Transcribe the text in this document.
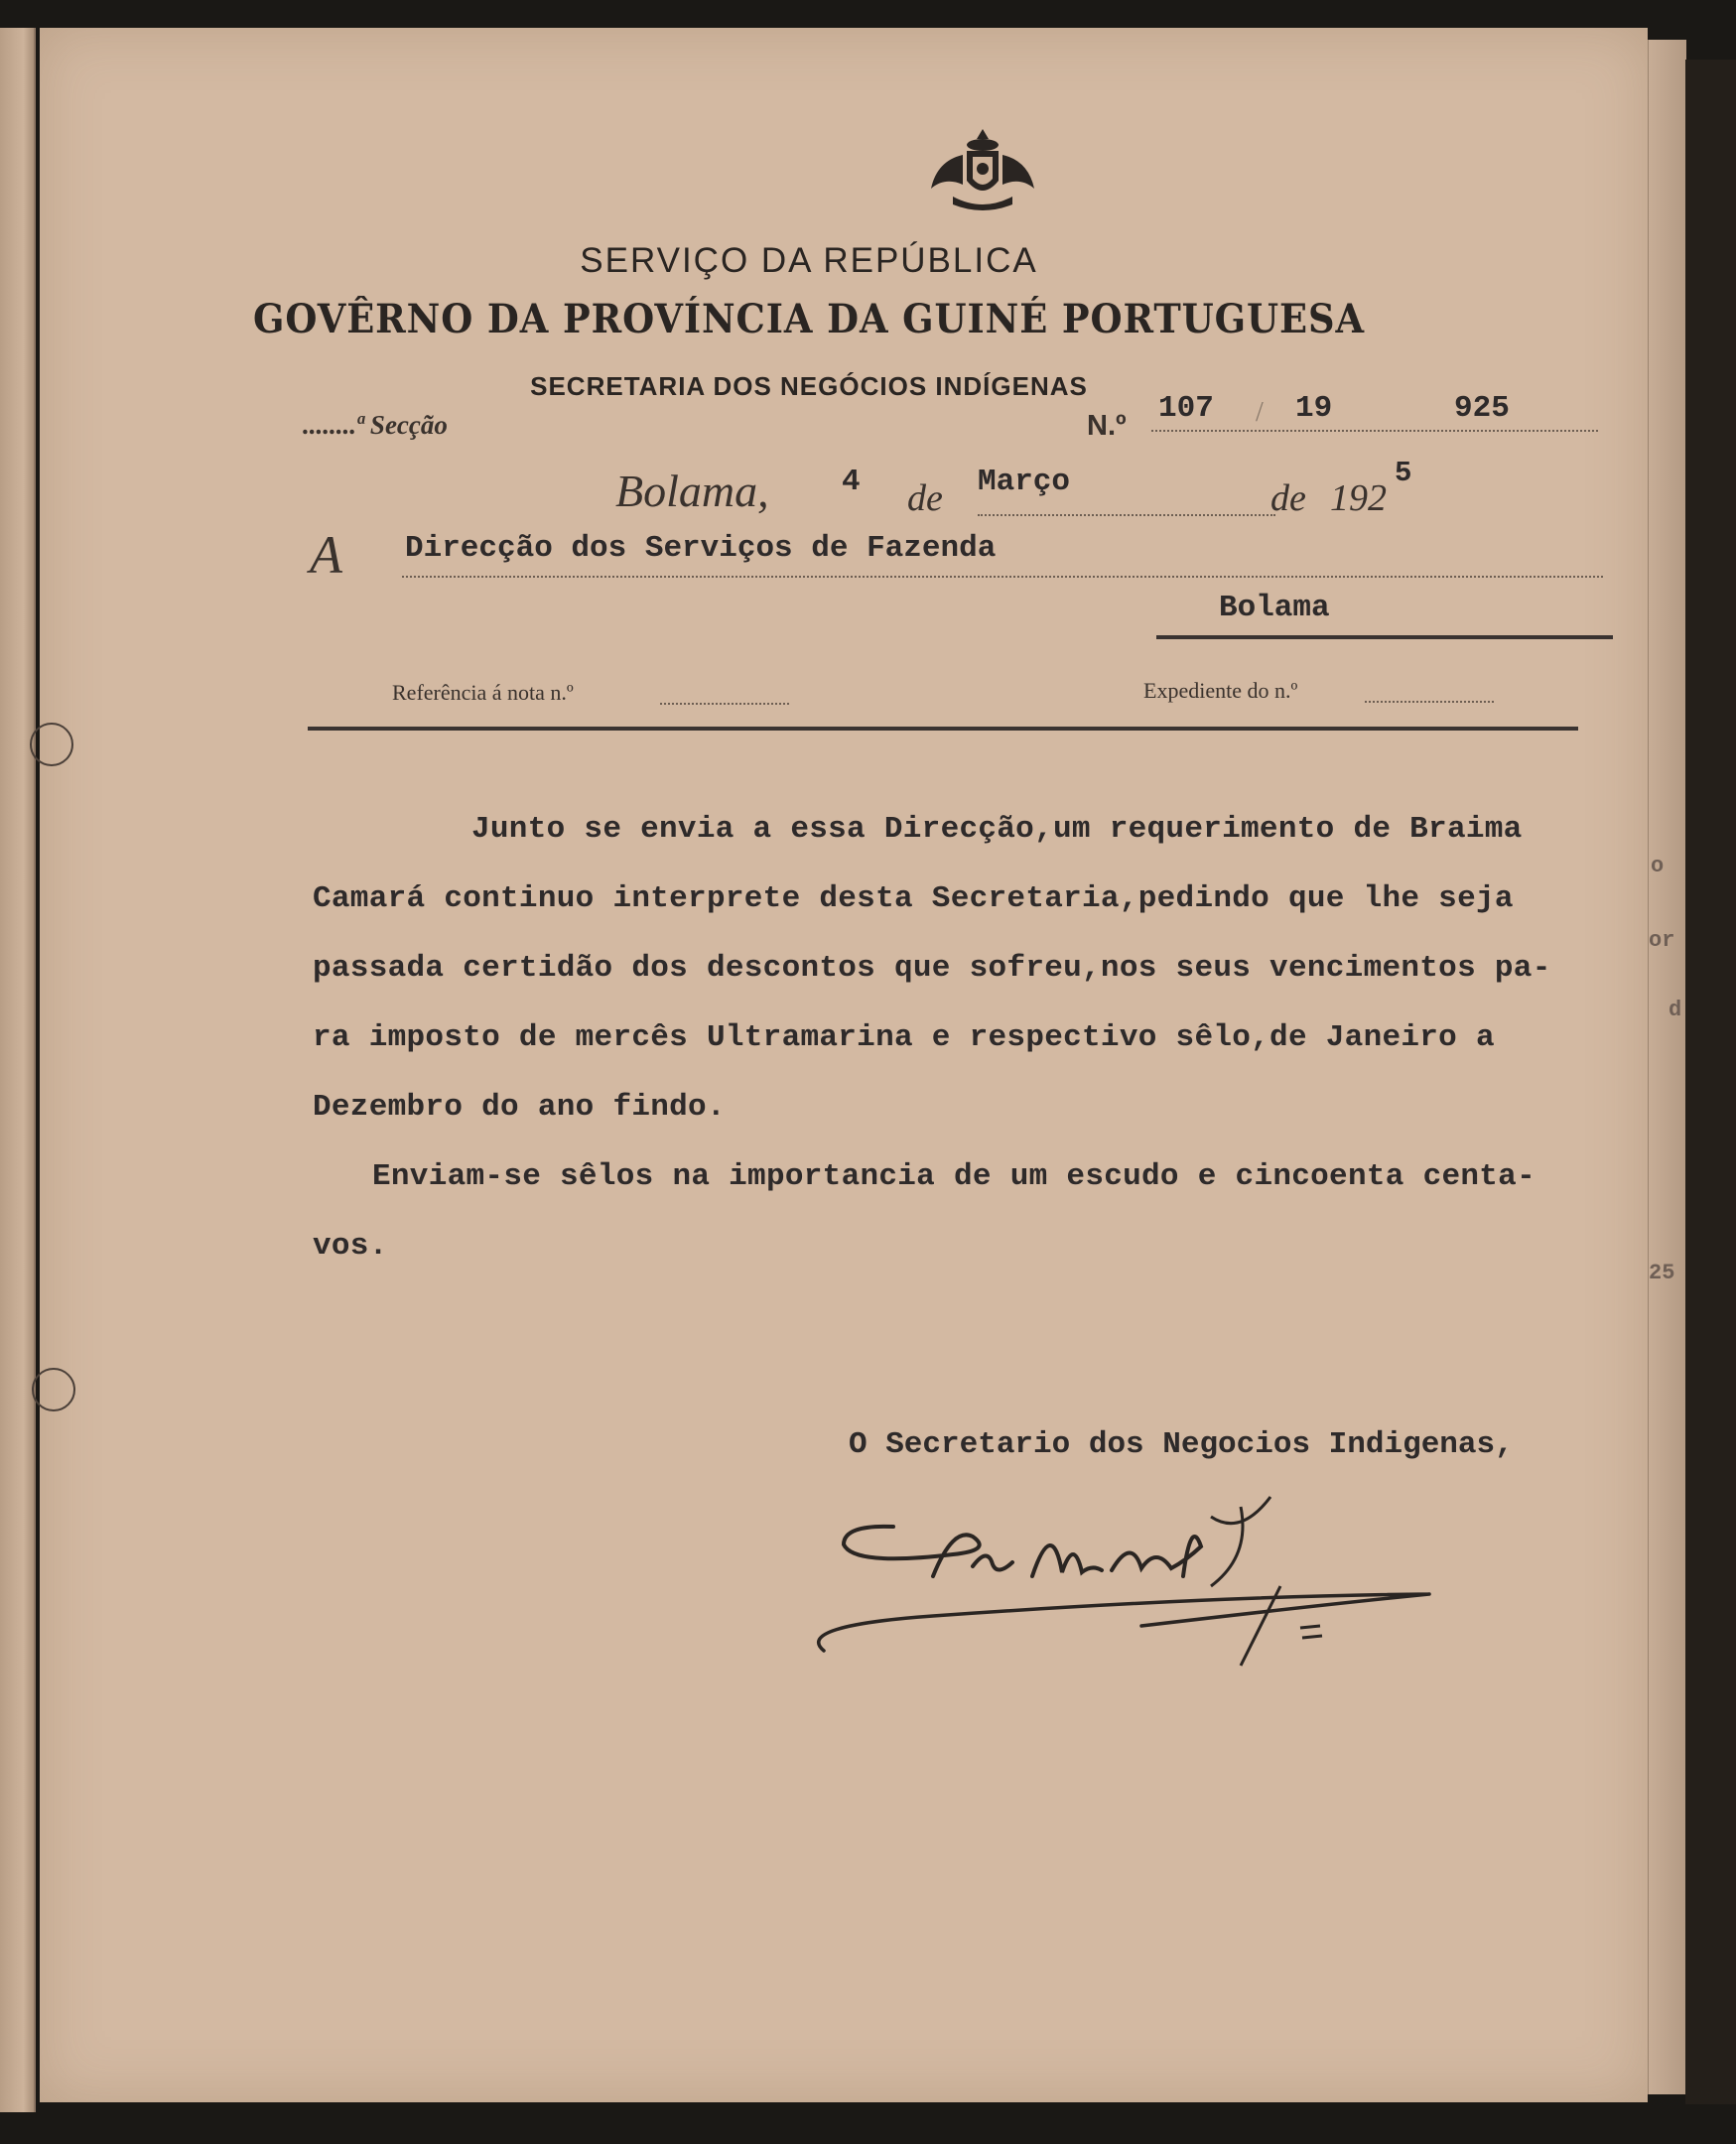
o
or
d
25
SERVIÇO DA REPÚBLICA
GOVÊRNO DA PROVÍNCIA DA GUINÉ PORTUGUESA
SECRETARIA DOS NEGÓCIOS INDÍGENAS
........ª Secção	N.º 107 / 19	925
Bolama, 4 de Março	de 192
5
A Direcção dos Serviços de Fazenda
Bolama
Referência á nota n.º	Expediente do n.º
Junto se envia a essa Direcção,um requerimento de Braima
Camará continuo interprete desta Secretaria,pedindo que lhe seja
passada certidão dos descontos que sofreu,nos seus vencimentos pa-
ra imposto de mercês Ultramarina e respectivo sêlo,de Janeiro a
Dezembro do ano findo.
Enviam-se sêlos na importancia de um escudo e cincoenta centa-
vos.
O Secretario dos Negocios Indigenas,
